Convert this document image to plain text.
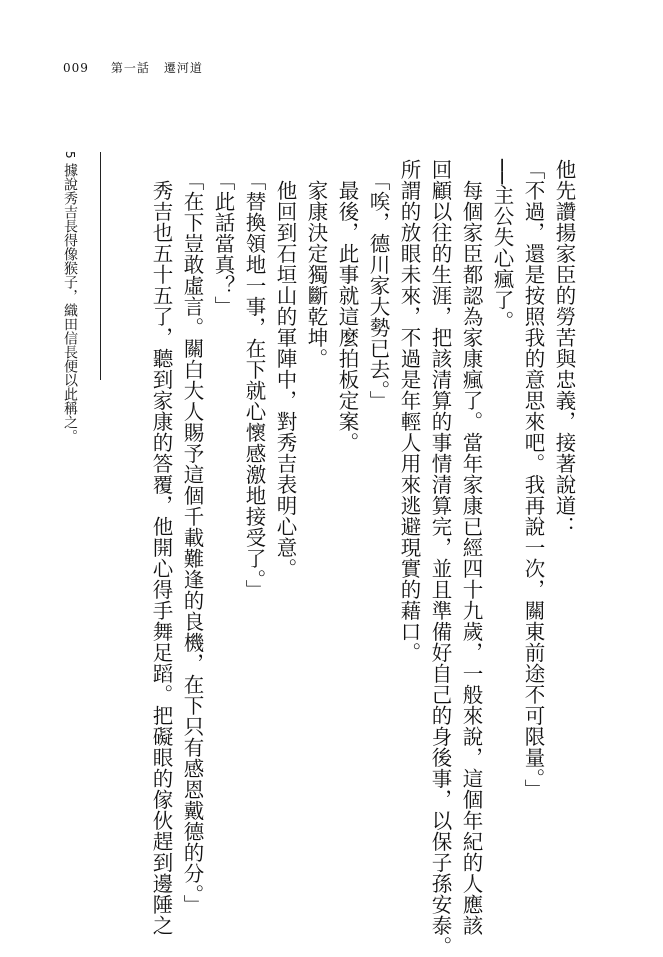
009 第一話 遷河道
他先讚揚家臣的勞苦與忠義，接著說道：
「不過，還是按照我的意思來吧。我再說一次，關東前途不可限量。」
──主公失心瘋了。
　每個家臣都認為家康瘋了。當年家康已經四十九歲，一般來說，這個年紀的人應該
回顧以往的生涯，把該清算的事情清算完，並且準備好自己的身後事，以保子孫安泰。
所謂的放眼未來，不過是年輕人用來逃避現實的藉口。
　「唉，德川家大勢已去。」
　最後，此事就這麼拍板定案。
　家康決定獨斷乾坤。
　他回到石垣山的軍陣中，對秀吉表明心意。
　「替換領地一事，在下就心懷感激地接受了。」
　「此話當真？」
　「在下豈敢虛言。關白大人賜予這個千載難逢的良機，在下只有感恩戴德的分。」
　秀吉也五十五了，聽到家康的答覆，他開心得手舞足蹈。把礙眼的傢伙趕到邊陲之
5 據說秀吉長得像猴子，織田信長便以此稱之。
